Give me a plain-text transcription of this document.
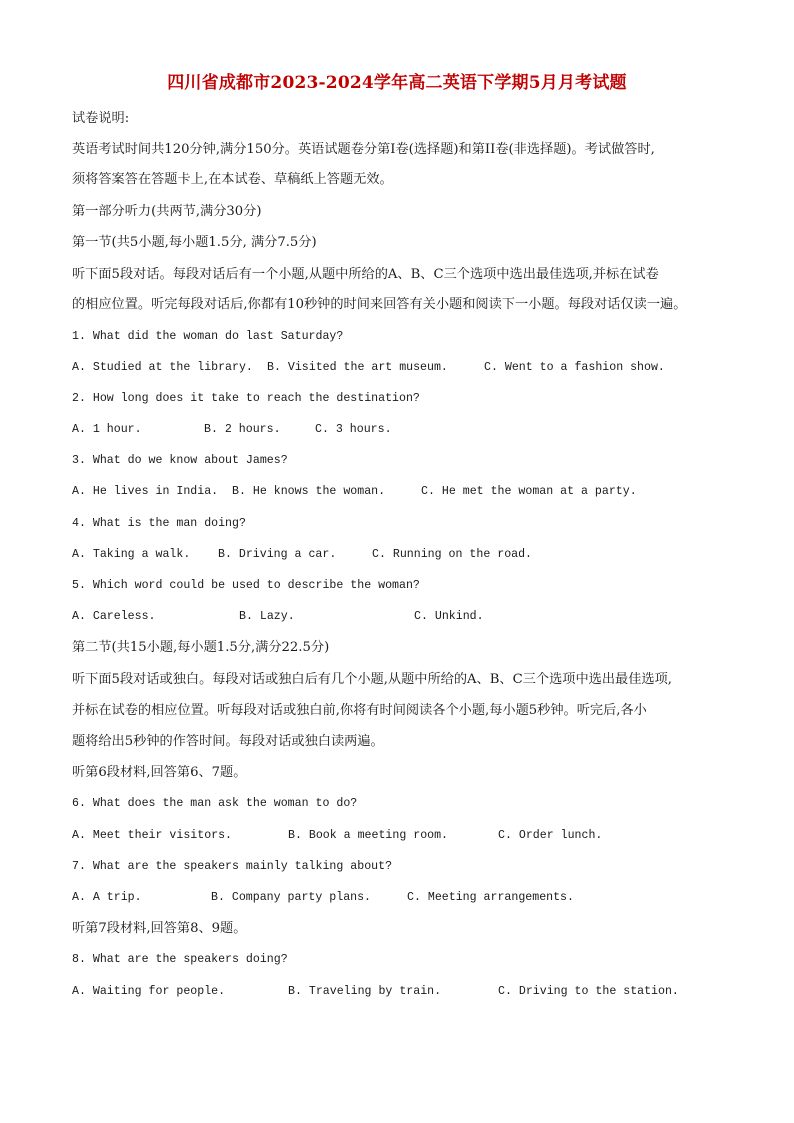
四川省成都市2023-2024学年高二英语下学期5月月考试题
试卷说明:
英语考试时间共120分钟,满分150分。英语试题卷分第I卷(选择题)和第II卷(非选择题)。考试做答时,
须将答案答在答题卡上,在本试卷、草稿纸上答题无效。
第一部分听力(共两节,满分30分)
第一节(共5小题,每小题1.5分, 满分7.5分)
听下面5段对话。每段对话后有一个小题,从题中所给的A、B、C三个选项中选出最佳选项,并标在试卷
的相应位置。听完每段对话后,你都有10秒钟的时间来回答有关小题和阅读下一小题。每段对话仅读一遍。
1. What did the woman do last Saturday?
A. Studied at the library. B. Visited the art museum.	C. Went to a fashion show.
2. How long does it take to reach the destination?
A. 1 hour.	B. 2 hours.	C. 3 hours.
3. What do we know about James?
A. He lives in India. B. He knows the woman.	C. He met the woman at a party.
4. What is the man doing?
A. Taking a walk. B. Driving a car.	C. Running on the road.
5. Which word could be used to describe the woman?
A. Careless.	B. Lazy.	C. Unkind.
第二节(共15小题,每小题1.5分,满分22.5分)
听下面5段对话或独白。每段对话或独白后有几个小题,从题中所给的A、B、C三个选项中选出最佳选项,
并标在试卷的相应位置。听每段对话或独白前,你将有时间阅读各个小题,每小题5秒钟。听完后,各小
题将给出5秒钟的作答时间。每段对话或独白读两遍。
听第6段材料,回答第6、7题。
6. What does the man ask the woman to do?
A. Meet their visitors.	B. Book a meeting room.	C. Order lunch.
7. What are the speakers mainly talking about?
A. A trip.	B. Company party plans.	C. Meeting arrangements.
听第7段材料,回答第8、9题。
8. What are the speakers doing?
A. Waiting for people.	B. Traveling by train.	C. Driving to the station.
